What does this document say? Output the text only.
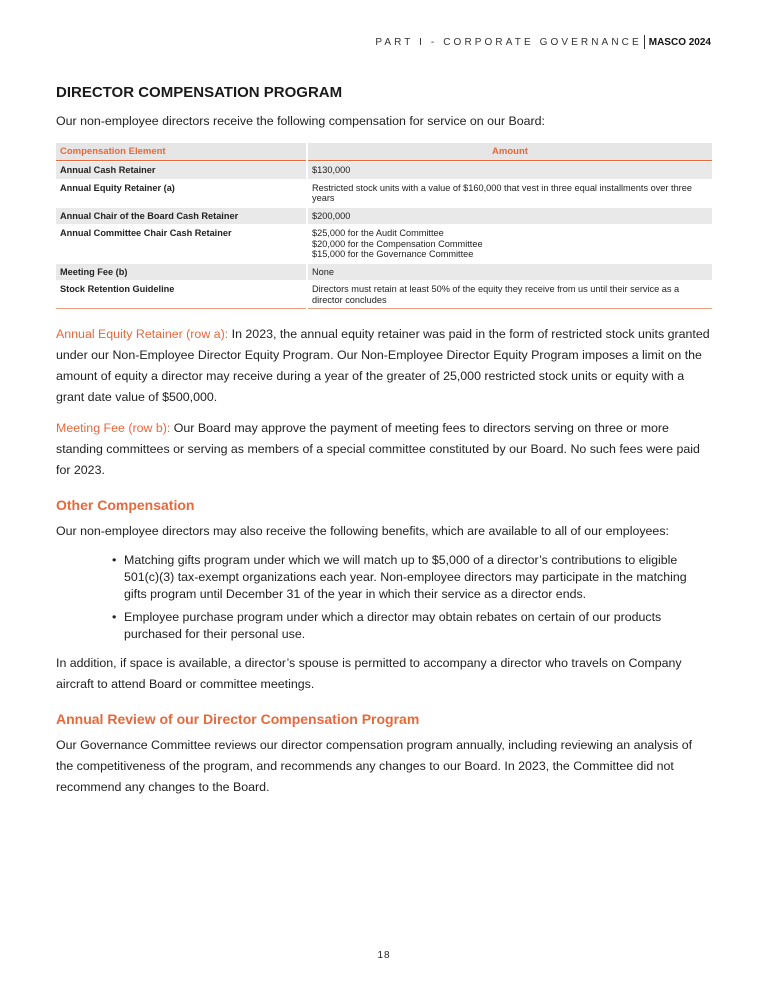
PART I - CORPORATE GOVERNANCE MASCO 2024
DIRECTOR COMPENSATION PROGRAM

Our non-employee directors receive the following compensation for service on our Board:

Compensation Element	Amount
Annual Cash Retainer	$130,000

Annual Equity Retainer (a)	Restricted stock units with a value of $160,000 that vest in three equal installments over three years

Annual Chair of the Board Cash Retainer	$200,000

Annual Committee Chair Cash Retainer	$25,000 for the Audit Committee
$20,000 for the Compensation Committee
$15,000 for the Governance Committee

Meeting Fee (b)	None

Stock Retention Guideline	Directors must retain at least 50% of the equity they receive from us until their service as a director concludes

Annual Equity Retainer (row a): In 2023, the annual equity retainer was paid in the form of restricted stock units granted under our Non-Employee Director Equity Program. Our Non-Employee Director Equity Program imposes a limit on the amount of equity a director may receive during a year of the greater of 25,000 restricted stock units or equity with a grant date value of $500,000.

Meeting Fee (row b): Our Board may approve the payment of meeting fees to directors serving on three or more standing committees or serving as members of a special committee constituted by our Board. No such fees were paid for 2023.

Other Compensation

Our non-employee directors may also receive the following benefits, which are available to all of our employees:

• Matching gifts program under which we will match up to $5,000 of a director’s contributions to eligible 501(c)(3) tax-exempt organizations each year. Non-employee directors may participate in the matching gifts program until December 31 of the year in which their service as a director ends.
• Employee purchase program under which a director may obtain rebates on certain of our products purchased for their personal use.

In addition, if space is available, a director’s spouse is permitted to accompany a director who travels on Company aircraft to attend Board or committee meetings.

Annual Review of our Director Compensation Program

Our Governance Committee reviews our director compensation program annually, including reviewing an analysis of the competitiveness of the program, and recommends any changes to our Board. In 2023, the Committee did not recommend any changes to the Board.

18
